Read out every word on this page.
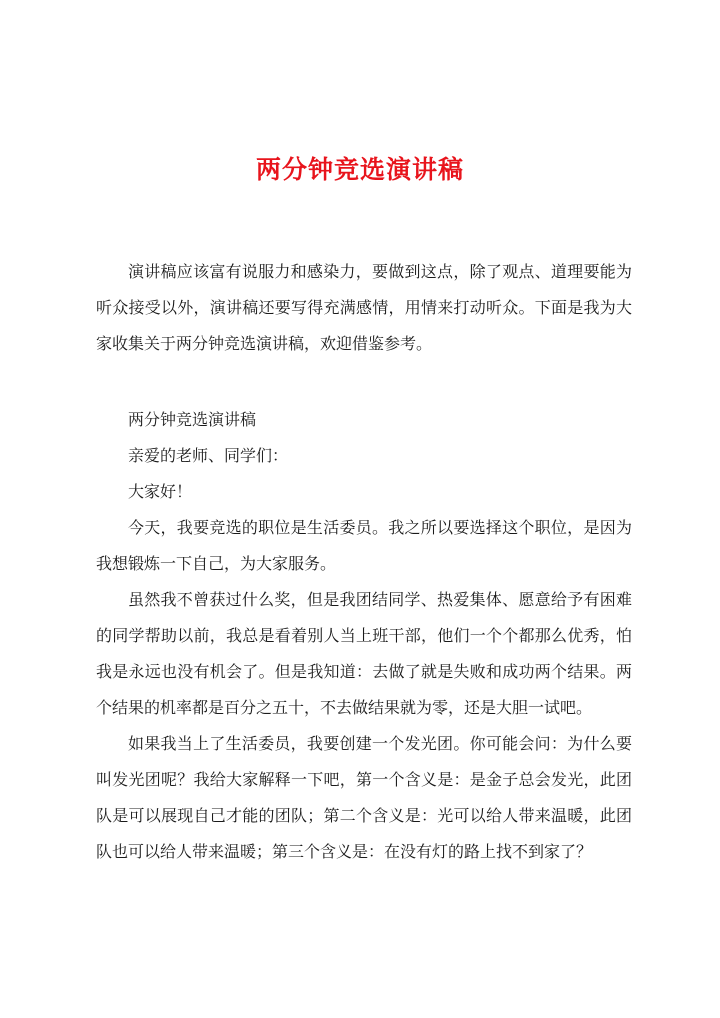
两分钟竞选演讲稿

演讲稿应该富有说服力和感染力，要做到这点，除了观点、道理要能为听众接受以外，演讲稿还要写得充满感情，用情来打动听众。下面是我为大家收集关于两分钟竞选演讲稿，欢迎借鉴参考。

两分钟竞选演讲稿

亲爱的老师、同学们：

大家好！

今天，我要竞选的职位是生活委员。我之所以要选择这个职位，是因为我想锻炼一下自己，为大家服务。

虽然我不曾获过什么奖，但是我团结同学、热爱集体、愿意给予有困难的同学帮助以前，我总是看着别人当上班干部，他们一个个都那么优秀，怕我是永远也没有机会了。但是我知道：去做了就是失败和成功两个结果。两个结果的机率都是百分之五十，不去做结果就为零，还是大胆一试吧。

如果我当上了生活委员，我要创建一个发光团。你可能会问：为什么要叫发光团呢？我给大家解释一下吧，第一个含义是：是金子总会发光，此团队是可以展现自己才能的团队；第二个含义是：光可以给人带来温暖，此团队也可以给人带来温暖；第三个含义是：在没有灯的路上找不到家了？
